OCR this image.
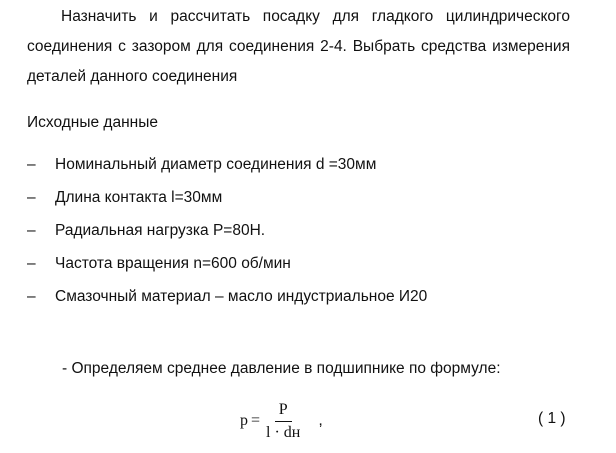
Назначить и рассчитать посадку для гладкого цилиндрического
соединения с зазором для соединения 2-4. Выбрать средства измерения
деталей данного соединения
Исходные данные
–	Номинальный диаметр соединения d =30мм
–	Длина контакта l=30мм
–	Радиальная нагрузка P=80Н.
–	Частота вращения n=600 об/мин
–	Смазочный материал – масло индустриальное И20
- Определяем среднее давление в подшипнике по формуле:
$p = \frac{P}{l \cdot dн}$ ,	( 1 )
